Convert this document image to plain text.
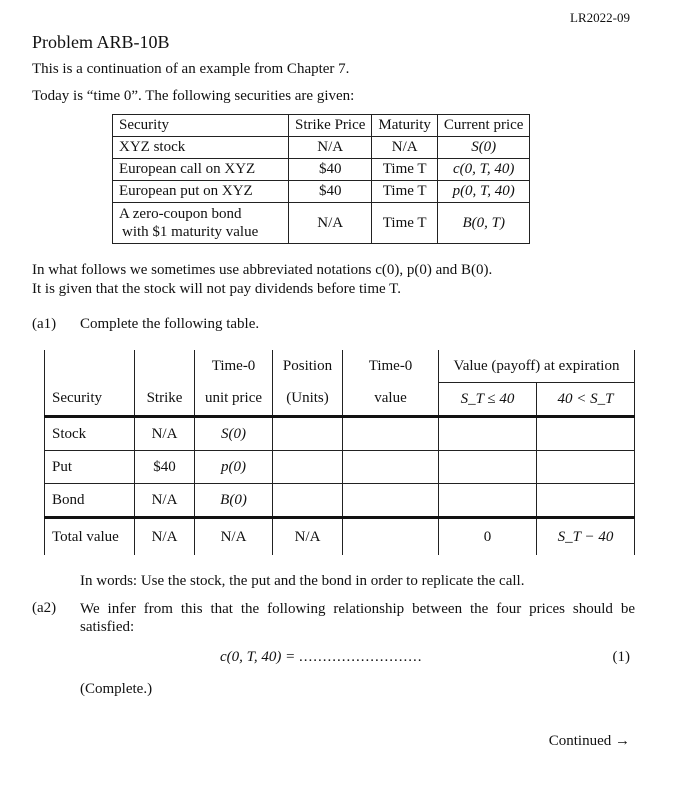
LR2022-09
Problem ARB-10B
This is a continuation of an example from Chapter 7.
Today is “time 0”. The following securities are given:
Security	Strike Price	Maturity	Current price
XYZ stock	N/A	N/A	S(0)
European call on XYZ	$40	Time T	c(0, T, 40)
European put on XYZ	$40	Time T	p(0, T, 40)

A zero-coupon bond
with $1 maturity value	N/A	Time T	B(0, T)
In what follows we sometimes use abbreviated notations c(0), p(0) and B(0).
It is given that the stock will not pay dividends before time T.
(a1) Complete the following table.
		Time-0	Position	Time-0	Value (payoff) at expiration	
Security	Strike	unit price	(Units)	value	S_T ≤ 40	40 < S_T
Stock	N/A	S(0)				
Put	$40	p(0)				
Bond	N/A	B(0)				
Total value	N/A	N/A	N/A		0	S_T − 40
In words: Use the stock, the put and the bond in order to replicate the call.
(a2) We infer from this that the following relationship between the four prices should be satisfied:
c(0, T, 40) = ..........................	(1)
(Complete.)
Continued →
